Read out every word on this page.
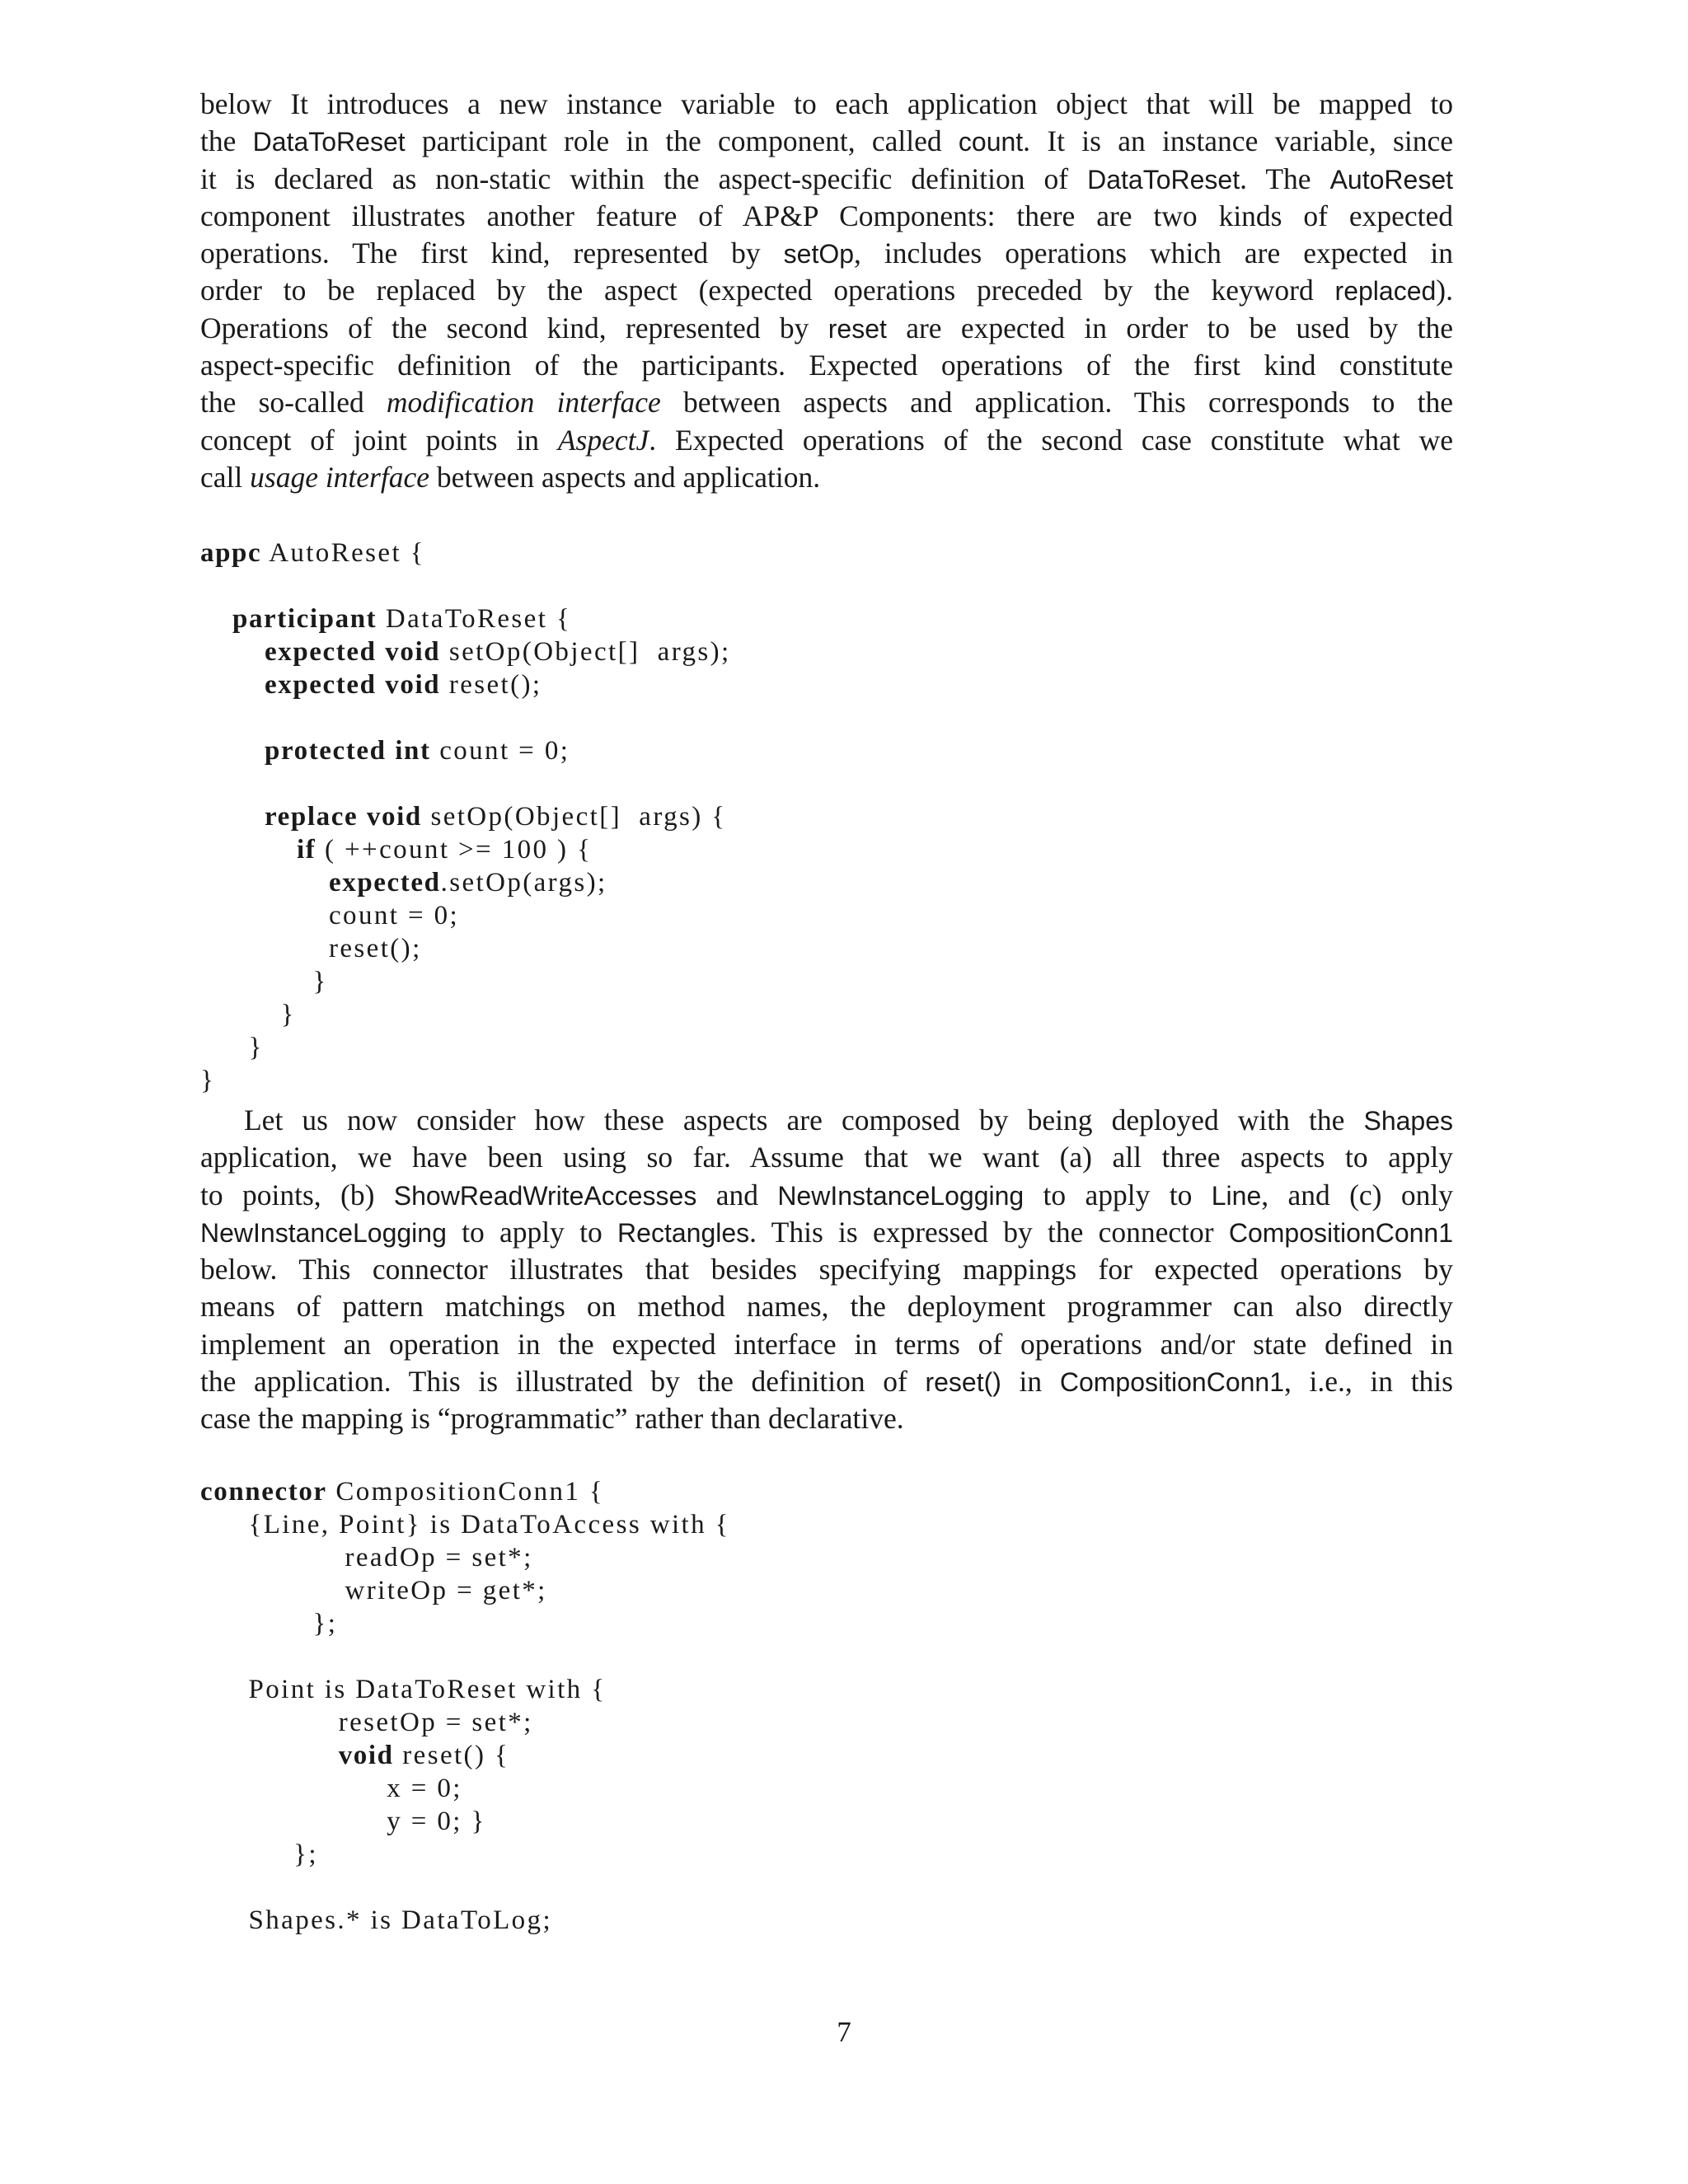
below It introduces a new instance variable to each application object that will be mapped to
the DataToReset participant role in the component, called count. It is an instance variable, since
it is declared as non-static within the aspect-specific definition of DataToReset. The AutoReset
component illustrates another feature of AP&P Components: there are two kinds of expected
operations. The first kind, represented by setOp, includes operations which are expected in
order to be replaced by the aspect (expected operations preceded by the keyword replaced).
Operations of the second kind, represented by reset are expected in order to be used by the
aspect-specific definition of the participants. Expected operations of the first kind constitute
the so-called modification interface between aspects and application. This corresponds to the
concept of joint points in AspectJ. Expected operations of the second case constitute what we
call usage interface between aspects and application.
appc AutoReset {
participant DataToReset {
expected void setOp(Object[]  args);
expected void reset();
protected int count = 0;
replace void setOp(Object[]  args) {
if ( ++count >= 100 ) {
expected.setOp(args);
count = 0;
reset();
}
}
}
}
Let us now consider how these aspects are composed by being deployed with the Shapes
application, we have been using so far. Assume that we want (a) all three aspects to apply
to points, (b) ShowReadWriteAccesses and NewInstanceLogging to apply to Line, and (c) only
NewInstanceLogging to apply to Rectangles. This is expressed by the connector CompositionConn1
below. This connector illustrates that besides specifying mappings for expected operations by
means of pattern matchings on method names, the deployment programmer can also directly
implement an operation in the expected interface in terms of operations and/or state defined in
the application. This is illustrated by the definition of reset() in CompositionConn1, i.e., in this
case the mapping is “programmatic” rather than declarative.
connector CompositionConn1 {
{Line, Point} is DataToAccess with {
readOp = set*;
writeOp = get*;
};
Point is DataToReset with {
resetOp = set*;
void reset() {
x = 0;
y = 0; }
};
Shapes.* is DataToLog;
7
